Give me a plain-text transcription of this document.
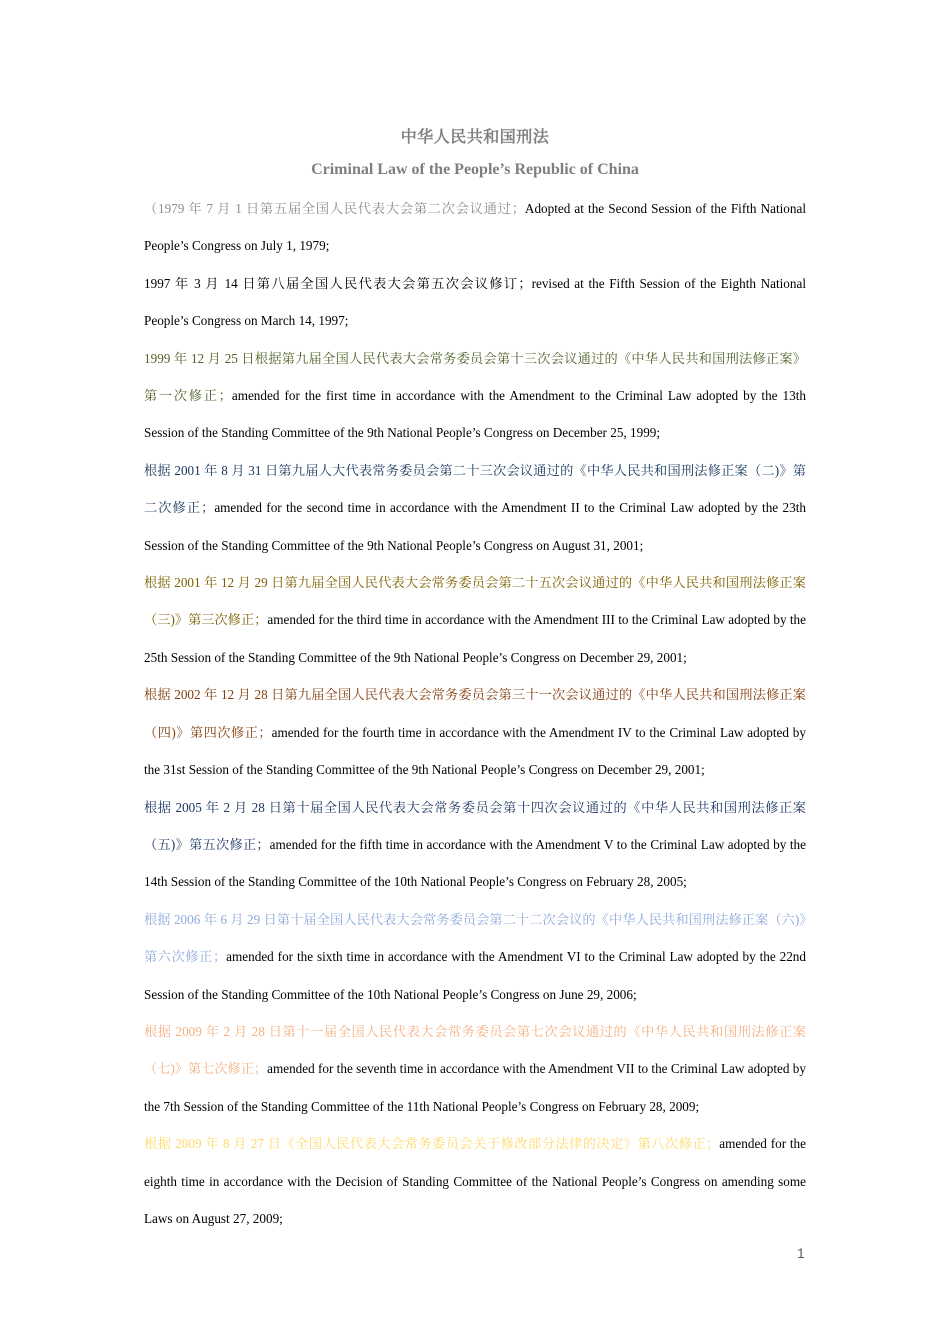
中华人民共和国刑法
Criminal Law of the People’s Republic of China

（1979 年 7 月 1 日第五届全国人民代表大会第二次会议通过；Adopted at the Second Session of the Fifth National People’s Congress on July 1, 1979;

1997 年 3 月 14 日第八届全国人民代表大会第五次会议修订；revised at the Fifth Session of the Eighth National People’s Congress on March 14, 1997;

1999 年 12 月 25 日根据第九届全国人民代表大会常务委员会第十三次会议通过的《中华人民共和国刑法修正案》第一次修正；amended for the first time in accordance with the Amendment to the Criminal Law adopted by the 13th Session of the Standing Committee of the 9th National People’s Congress on December 25, 1999;

根据 2001 年 8 月 31 日第九届人大代表常务委员会第二十三次会议通过的《中华人民共和国刑法修正案（二)》第二次修正；amended for the second time in accordance with the Amendment II to the Criminal Law adopted by the 23th Session of the Standing Committee of the 9th National People’s Congress on August 31, 2001;

根据 2001 年 12 月 29 日第九届全国人民代表大会常务委员会第二十五次会议通过的《中华人民共和国刑法修正案（三)》第三次修正；amended for the third time in accordance with the Amendment III to the Criminal Law adopted by the 25th Session of the Standing Committee of the 9th National People’s Congress on December 29, 2001;

根据 2002 年 12 月 28 日第九届全国人民代表大会常务委员会第三十一次会议通过的《中华人民共和国刑法修正案（四)》第四次修正；amended for the fourth time in accordance with the Amendment IV to the Criminal Law adopted by the 31st Session of the Standing Committee of the 9th National People’s Congress on December 29, 2001;

根据 2005 年 2 月 28 日第十届全国人民代表大会常务委员会第十四次会议通过的《中华人民共和国刑法修正案（五)》第五次修正；amended for the fifth time in accordance with the Amendment V to the Criminal Law adopted by the 14th Session of the Standing Committee of the 10th National People’s Congress on February 28, 2005;

根据 2006 年 6 月 29 日第十届全国人民代表大会常务委员会第二十二次会议的《中华人民共和国刑法修正案（六)》第六次修正；amended for the sixth time in accordance with the Amendment VI to the Criminal Law adopted by the 22nd Session of the Standing Committee of the 10th National People’s Congress on June 29, 2006;

根据 2009 年 2 月 28 日第十一届全国人民代表大会常务委员会第七次会议通过的《中华人民共和国刑法修正案（七)》第七次修正；amended for the seventh time in accordance with the Amendment VII to the Criminal Law adopted by the 7th Session of the Standing Committee of the 11th National People’s Congress on February 28, 2009;

根据 2009 年 8 月 27 日《全国人民代表大会常务委员会关于修改部分法律的决定》第八次修正；amended for the eighth time in accordance with the Decision of Standing Committee of the National People’s Congress on amending some Laws on August 27, 2009;

1
